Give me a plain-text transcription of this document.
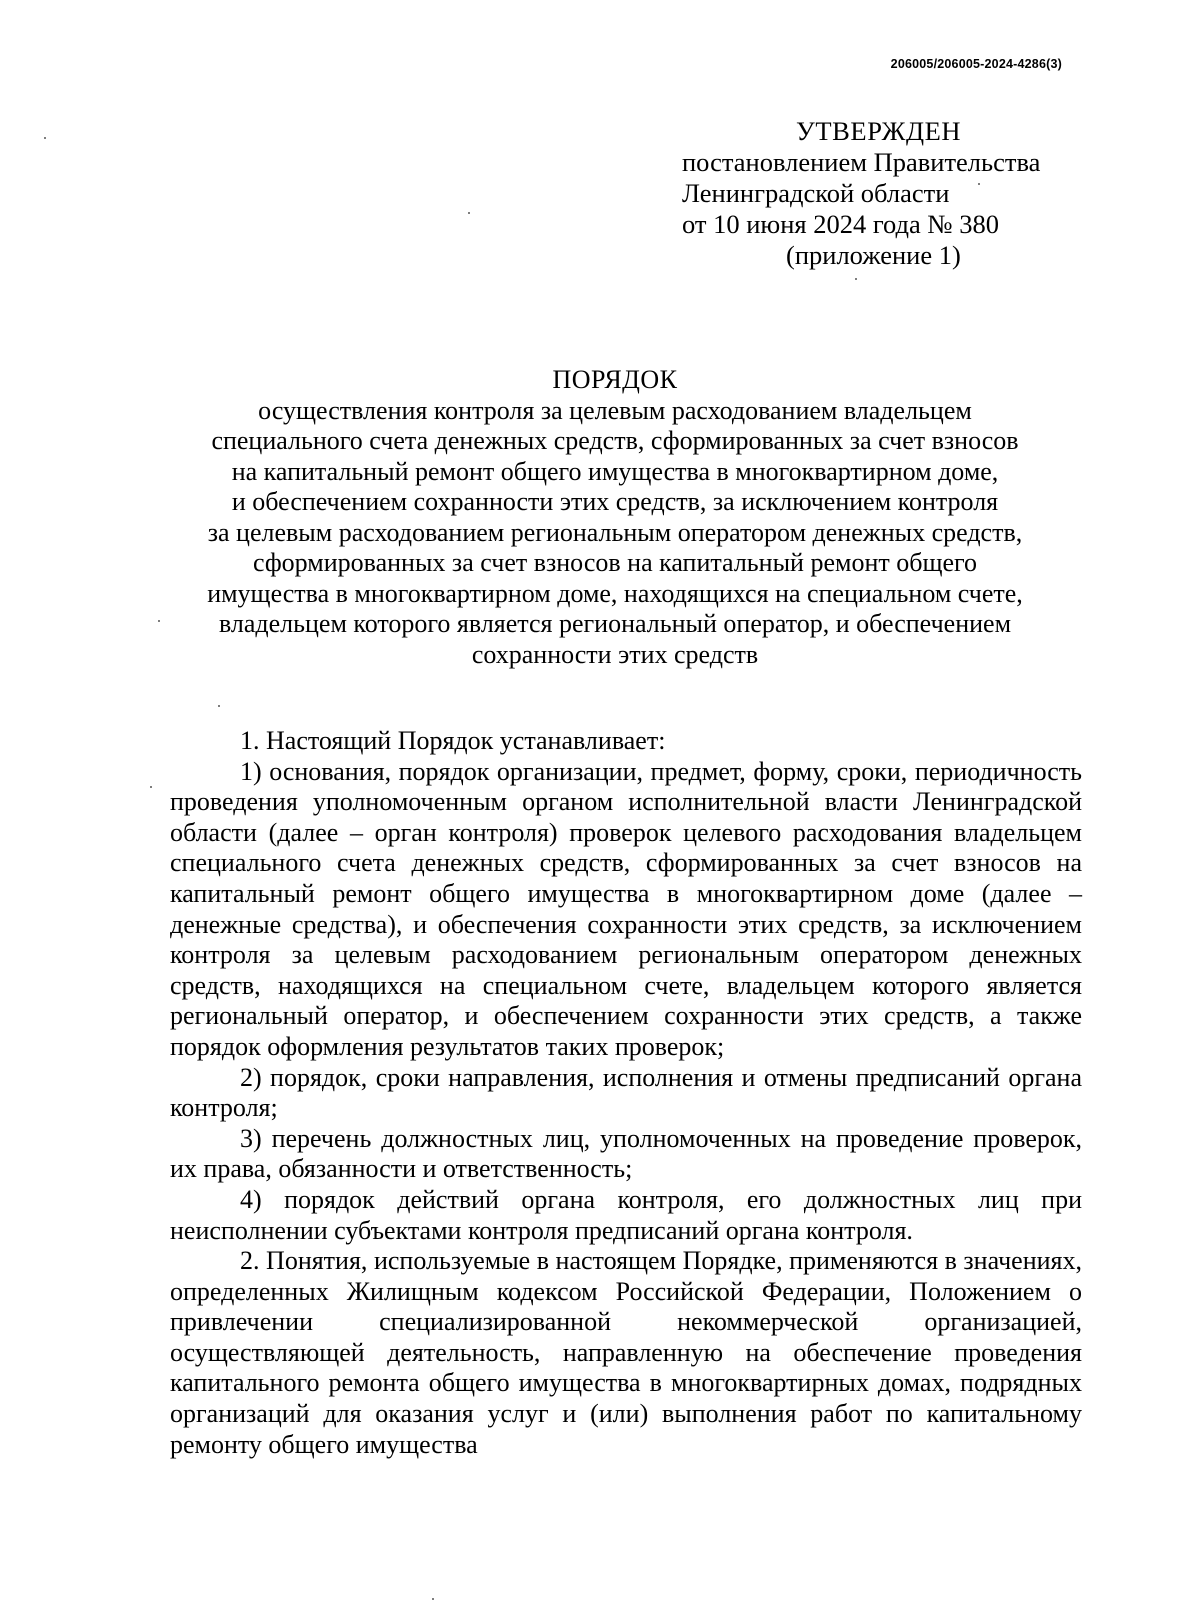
206005/206005-2024-4286(3)
УТВЕРЖДЕН
постановлением Правительства
Ленинградской области
от 10 июня 2024 года № 380
(приложение 1)
ПОРЯДОК
осуществления контроля за целевым расходованием владельцем
специального счета денежных средств, сформированных за счет взносов
на капитальный ремонт общего имущества в многоквартирном доме,
и обеспечением сохранности этих средств, за исключением контроля
за целевым расходованием региональным оператором денежных средств,
сформированных за счет взносов на капитальный ремонт общего
имущества в многоквартирном доме, находящихся на специальном счете,
владельцем которого является региональный оператор, и обеспечением
сохранности этих средств

1. Настоящий Порядок устанавливает:

1) основания, порядок организации, предмет, форму, сроки, периодичность проведения уполномоченным органом исполнительной власти Ленинградской области (далее – орган контроля) проверок целевого расходования владельцем специального счета денежных средств, сформированных за счет взносов на капитальный ремонт общего имущества в многоквартирном доме (далее – денежные средства), и обеспечения сохранности этих средств, за исключением контроля за целевым расходованием региональным оператором денежных средств, находящихся на специальном счете, владельцем которого является региональный оператор, и обеспечением сохранности этих средств, а также порядок оформления результатов таких проверок;

2) порядок, сроки направления, исполнения и отмены предписаний органа контроля;

3) перечень должностных лиц, уполномоченных на проведение проверок, их права, обязанности и ответственность;

4) порядок действий органа контроля, его должностных лиц при неисполнении субъектами контроля предписаний органа контроля.

2. Понятия, используемые в настоящем Порядке, применяются в значениях, определенных Жилищным кодексом Российской Федерации, Положением о привлечении специализированной некоммерческой организацией, осуществляющей деятельность, направленную на обеспечение проведения капитального ремонта общего имущества в многоквартирных домах, подрядных организаций для оказания услуг и (или) выполнения работ по капитальному ремонту общего имущества
